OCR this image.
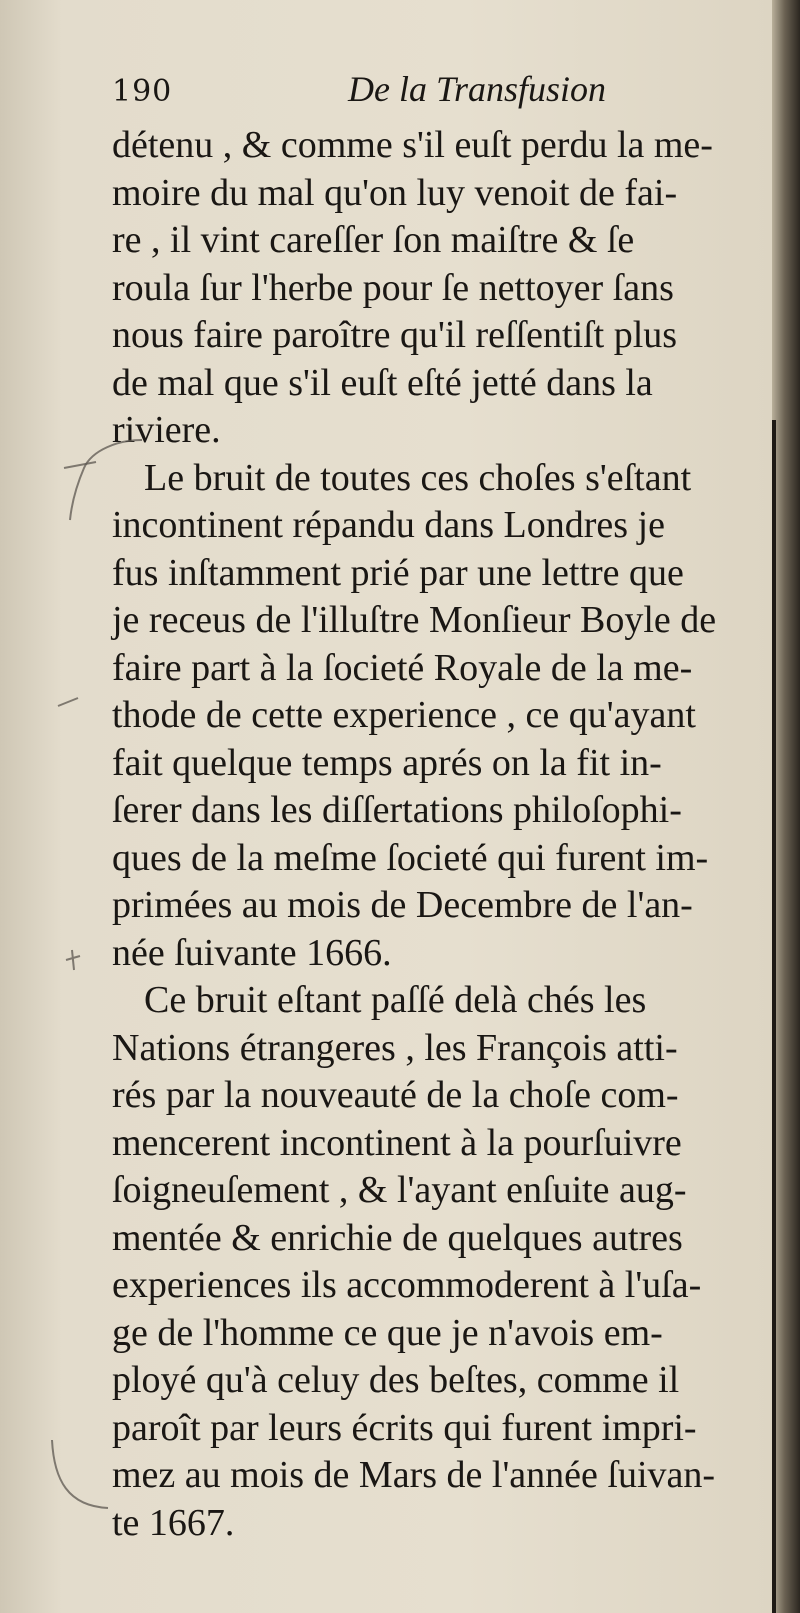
190	De la Transfusion
détenu , & comme s'il euſt perdu la me-
moire du mal qu'on luy venoit de fai-
re , il vint careſſer ſon maiſtre & ſe
roula ſur l'herbe pour ſe nettoyer ſans
nous faire paroître qu'il reſſentiſt plus
de mal que s'il euſt eſté jetté dans la
riviere.
Le bruit de toutes ces choſes s'eſtant
incontinent répandu dans Londres je
fus inſtamment prié par une lettre que
je receus de l'illuſtre Monſieur Boyle de
faire part à la ſocieté Royale de la me-
thode de cette experience , ce qu'ayant
fait quelque temps aprés on la fit in-
ſerer dans les diſſertations philoſophi-
ques de la meſme ſocieté qui furent im-
primées au mois de Decembre de l'an-
née ſuivante 1666.
Ce bruit eſtant paſſé delà chés les
Nations étrangeres , les François atti-
rés par la nouveauté de la choſe com-
mencerent incontinent à la pourſuivre
ſoigneuſement , & l'ayant enſuite aug-
mentée & enrichie de quelques autres
experiences ils accommoderent à l'uſa-
ge de l'homme ce que je n'avois em-
ployé qu'à celuy des beſtes, comme il
paroît par leurs écrits qui furent impri-
mez au mois de Mars de l'année ſuivan-
te 1667.
